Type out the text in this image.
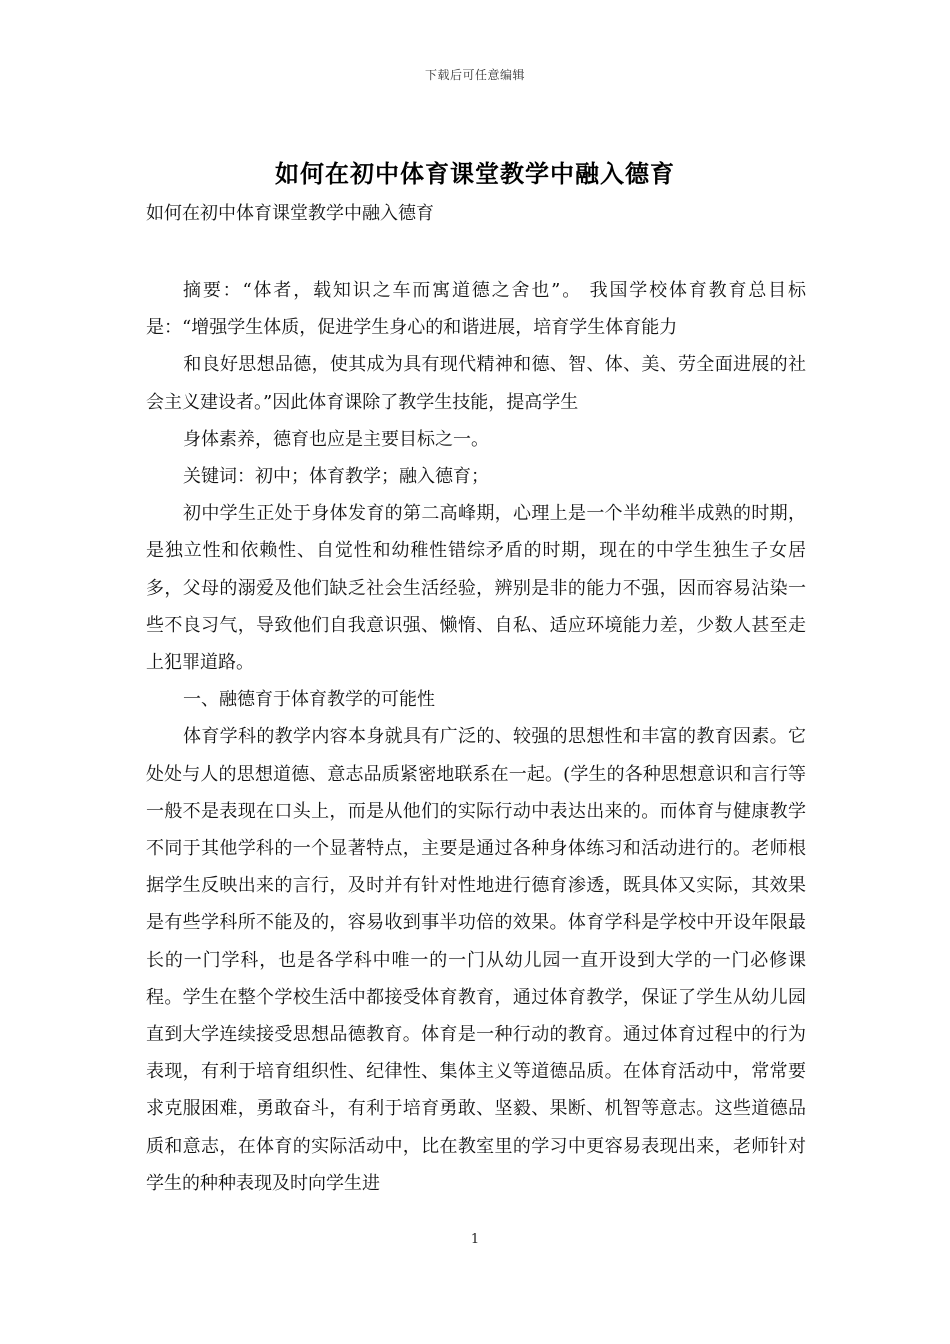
下载后可任意编辑
如何在初中体育课堂教学中融入德育
如何在初中体育课堂教学中融入德育

摘要：“体者，载知识之车而寓道德之舍也”。 我国学校体育教育总目标是：“增强学生体质，促进学生身心的和谐进展，培育学生体育能力

和良好思想品德，使其成为具有现代精神和德、智、体、美、劳全面进展的社会主义建设者。”因此体育课除了教学生技能，提高学生

身体素养，德育也应是主要目标之一。

关键词：初中；体育教学；融入德育；

初中学生正处于身体发育的第二高峰期，心理上是一个半幼稚半成熟的时期，是独立性和依赖性、自觉性和幼稚性错综矛盾的时期，现在的中学生独生子女居多，父母的溺爱及他们缺乏社会生活经验，辨别是非的能力不强，因而容易沾染一些不良习气，导致他们自我意识强、懒惰、自私、适应环境能力差，少数人甚至走上犯罪道路。

一、融德育于体育教学的可能性

体育学科的教学内容本身就具有广泛的、较强的思想性和丰富的教育因素。它处处与人的思想道德、意志品质紧密地联系在一起。(学生的各种思想意识和言行等一般不是表现在口头上，而是从他们的实际行动中表达出来的。而体育与健康教学不同于其他学科的一个显著特点，主要是通过各种身体练习和活动进行的。老师根据学生反映出来的言行，及时并有针对性地进行德育渗透，既具体又实际，其效果是有些学科所不能及的，容易收到事半功倍的效果。体育学科是学校中开设年限最长的一门学科，也是各学科中唯一的一门从幼儿园一直开设到大学的一门必修课程。学生在整个学校生活中都接受体育教育，通过体育教学，保证了学生从幼儿园直到大学连续接受思想品德教育。体育是一种行动的教育。通过体育过程中的行为表现，有利于培育组织性、纪律性、集体主义等道德品质。在体育活动中，常常要求克服困难，勇敢奋斗，有利于培育勇敢、坚毅、果断、机智等意志。这些道德品质和意志，在体育的实际活动中，比在教室里的学习中更容易表现出来，老师针对学生的种种表现及时向学生进

1
